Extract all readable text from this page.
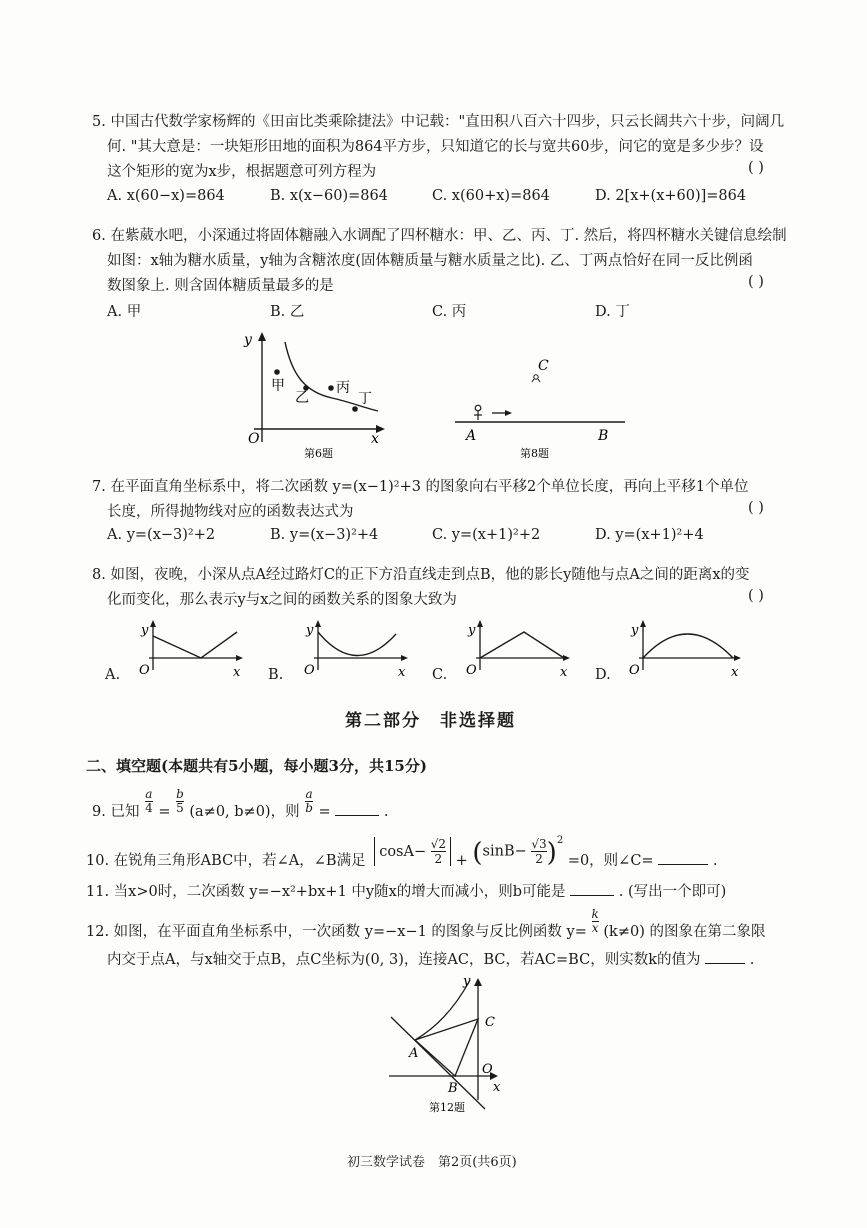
5. 中国古代数学家杨辉的《田亩比类乘除捷法》中记载："直田积八百六十四步，只云长阔共六十步，问阔几
何. "其大意是：一块矩形田地的面积为864平方步，只知道它的长与宽共60步，问它的宽是多少步？设
这个矩形的宽为x步，根据题意可列方程为	( )
A. x(60−x)=864	B. x(x−60)=864	C. x(60+x)=864	D. 2[x+(x+60)]=864
6. 在紫葳水吧，小深通过将固体糖融入水调配了四杯糖水：甲、乙、丙、丁. 然后，将四杯糖水关键信息绘制
如图：x轴为糖水质量，y轴为含糖浓度(固体糖质量与糖水质量之比). 乙、丁两点恰好在同一反比例函
数图象上. 则含固体糖质量最多的是	( )
A. 甲	B. 乙	C. 丙	D. 丁
y
x
O
甲
乙
丙
丁
第6题
C
A	B
第8题
7. 在平面直角坐标系中，将二次函数 y=(x−1)²+3 的图象向右平移2个单位长度，再向上平移1个单位
长度，所得抛物线对应的函数表达式为	( )
A. y=(x−3)²+2	B. y=(x−3)²+4	C. y=(x+1)²+2	D. y=(x+1)²+4
8. 如图，夜晚，小深从点A经过路灯C的正下方沿直线走到点B，他的影长y随他与点A之间的距离x的变
化而变化，那么表示y与x之间的函数关系的图象大致为	( )
A.
y
x
O	B.
y
x
O	C.
y
x
O	D.
y
x
O
第二部分　非选择题
二、填空题(本题共有5小题，每小题3分，共15分)
9. 已知 $\frac{a}{4} = \frac{b}{5} (a\ne 0$, b≠0)，则 $\frac{a}{b}$ =	.
10. 在锐角三角形ABC中，若∠A，∠B满足 $\cos A- \frac{√2}{2} + (\sin B- \frac{√3}{2} )^2 =0$，则∠C=	.
11. 当x>0时，二次函数 y=−x²+bx+1 中y随x的增大而减小，则b可能是	. (写出一个即可)
12. 如图，在平面直角坐标系中，一次函数 y=−x−1 的图象与反比例函数 $y= \frac{k}{x} (k\ne 0)$ 的图象在第二象限
内交于点A，与x轴交于点B，点C坐标为(0, 3)，连接AC，BC，若AC=BC，则实数k的值为	.
y
x
O
A
B
C
第12题
初三数学试卷　第2页(共6页)
